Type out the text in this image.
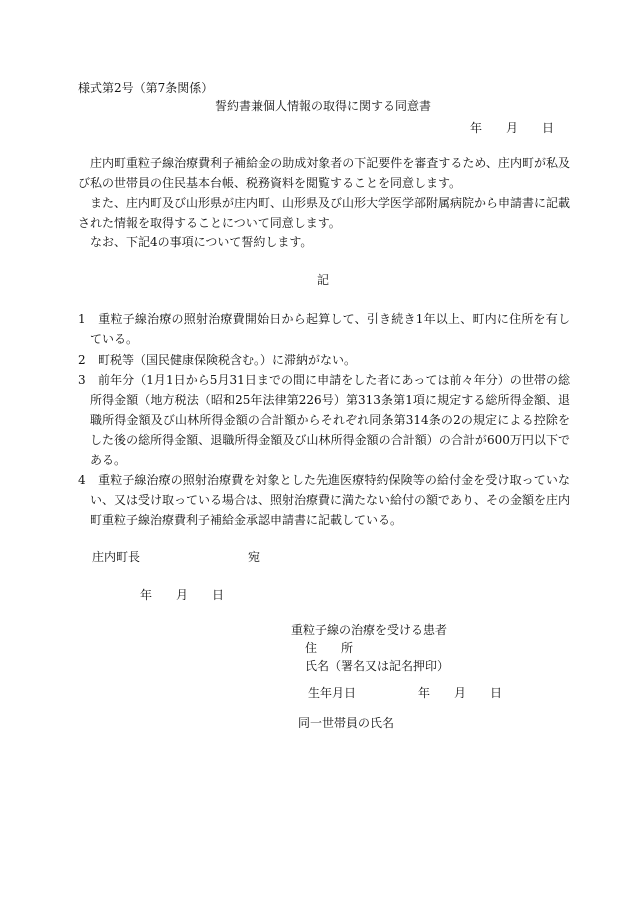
様式第2号（第7条関係）
誓約書兼個人情報の取得に関する同意書
年　　月　　日
庄内町重粒子線治療費利子補給金の助成対象者の下記要件を審査するため、庄内町が私及び私の世帯員の住民基本台帳、税務資料を閲覧することを同意します。
また、庄内町及び山形県が庄内町、山形県及び山形大学医学部附属病院から申請書に記載された情報を取得することについて同意します。
なお、下記4の事項について誓約します。
記
1 重粒子線治療の照射治療費開始日から起算して、引き続き1年以上、町内に住所を有している。
2 町税等（国民健康保険税含む。）に滞納がない。
3 前年分（1月1日から5月31日までの間に申請をした者にあっては前々年分）の世帯の総所得金額（地方税法（昭和25年法律第226号）第313条第1項に規定する総所得金額、退職所得金額及び山林所得金額の合計額からそれぞれ同条第314条の2の規定による控除をした後の総所得金額、退職所得金額及び山林所得金額の合計額）の合計が600万円以下である。
4 重粒子線治療の照射治療費を対象とした先進医療特約保険等の給付金を受け取っていない、又は受け取っている場合は、照射治療費に満たない給付の額であり、その金額を庄内町重粒子線治療費利子補給金承認申請書に記載している。
庄内町長	宛
年　　月　　日
重粒子線の治療を受ける患者
住　　所
氏名（署名又は記名押印）
生年月日	年　　月　　日
同一世帯員の氏名
